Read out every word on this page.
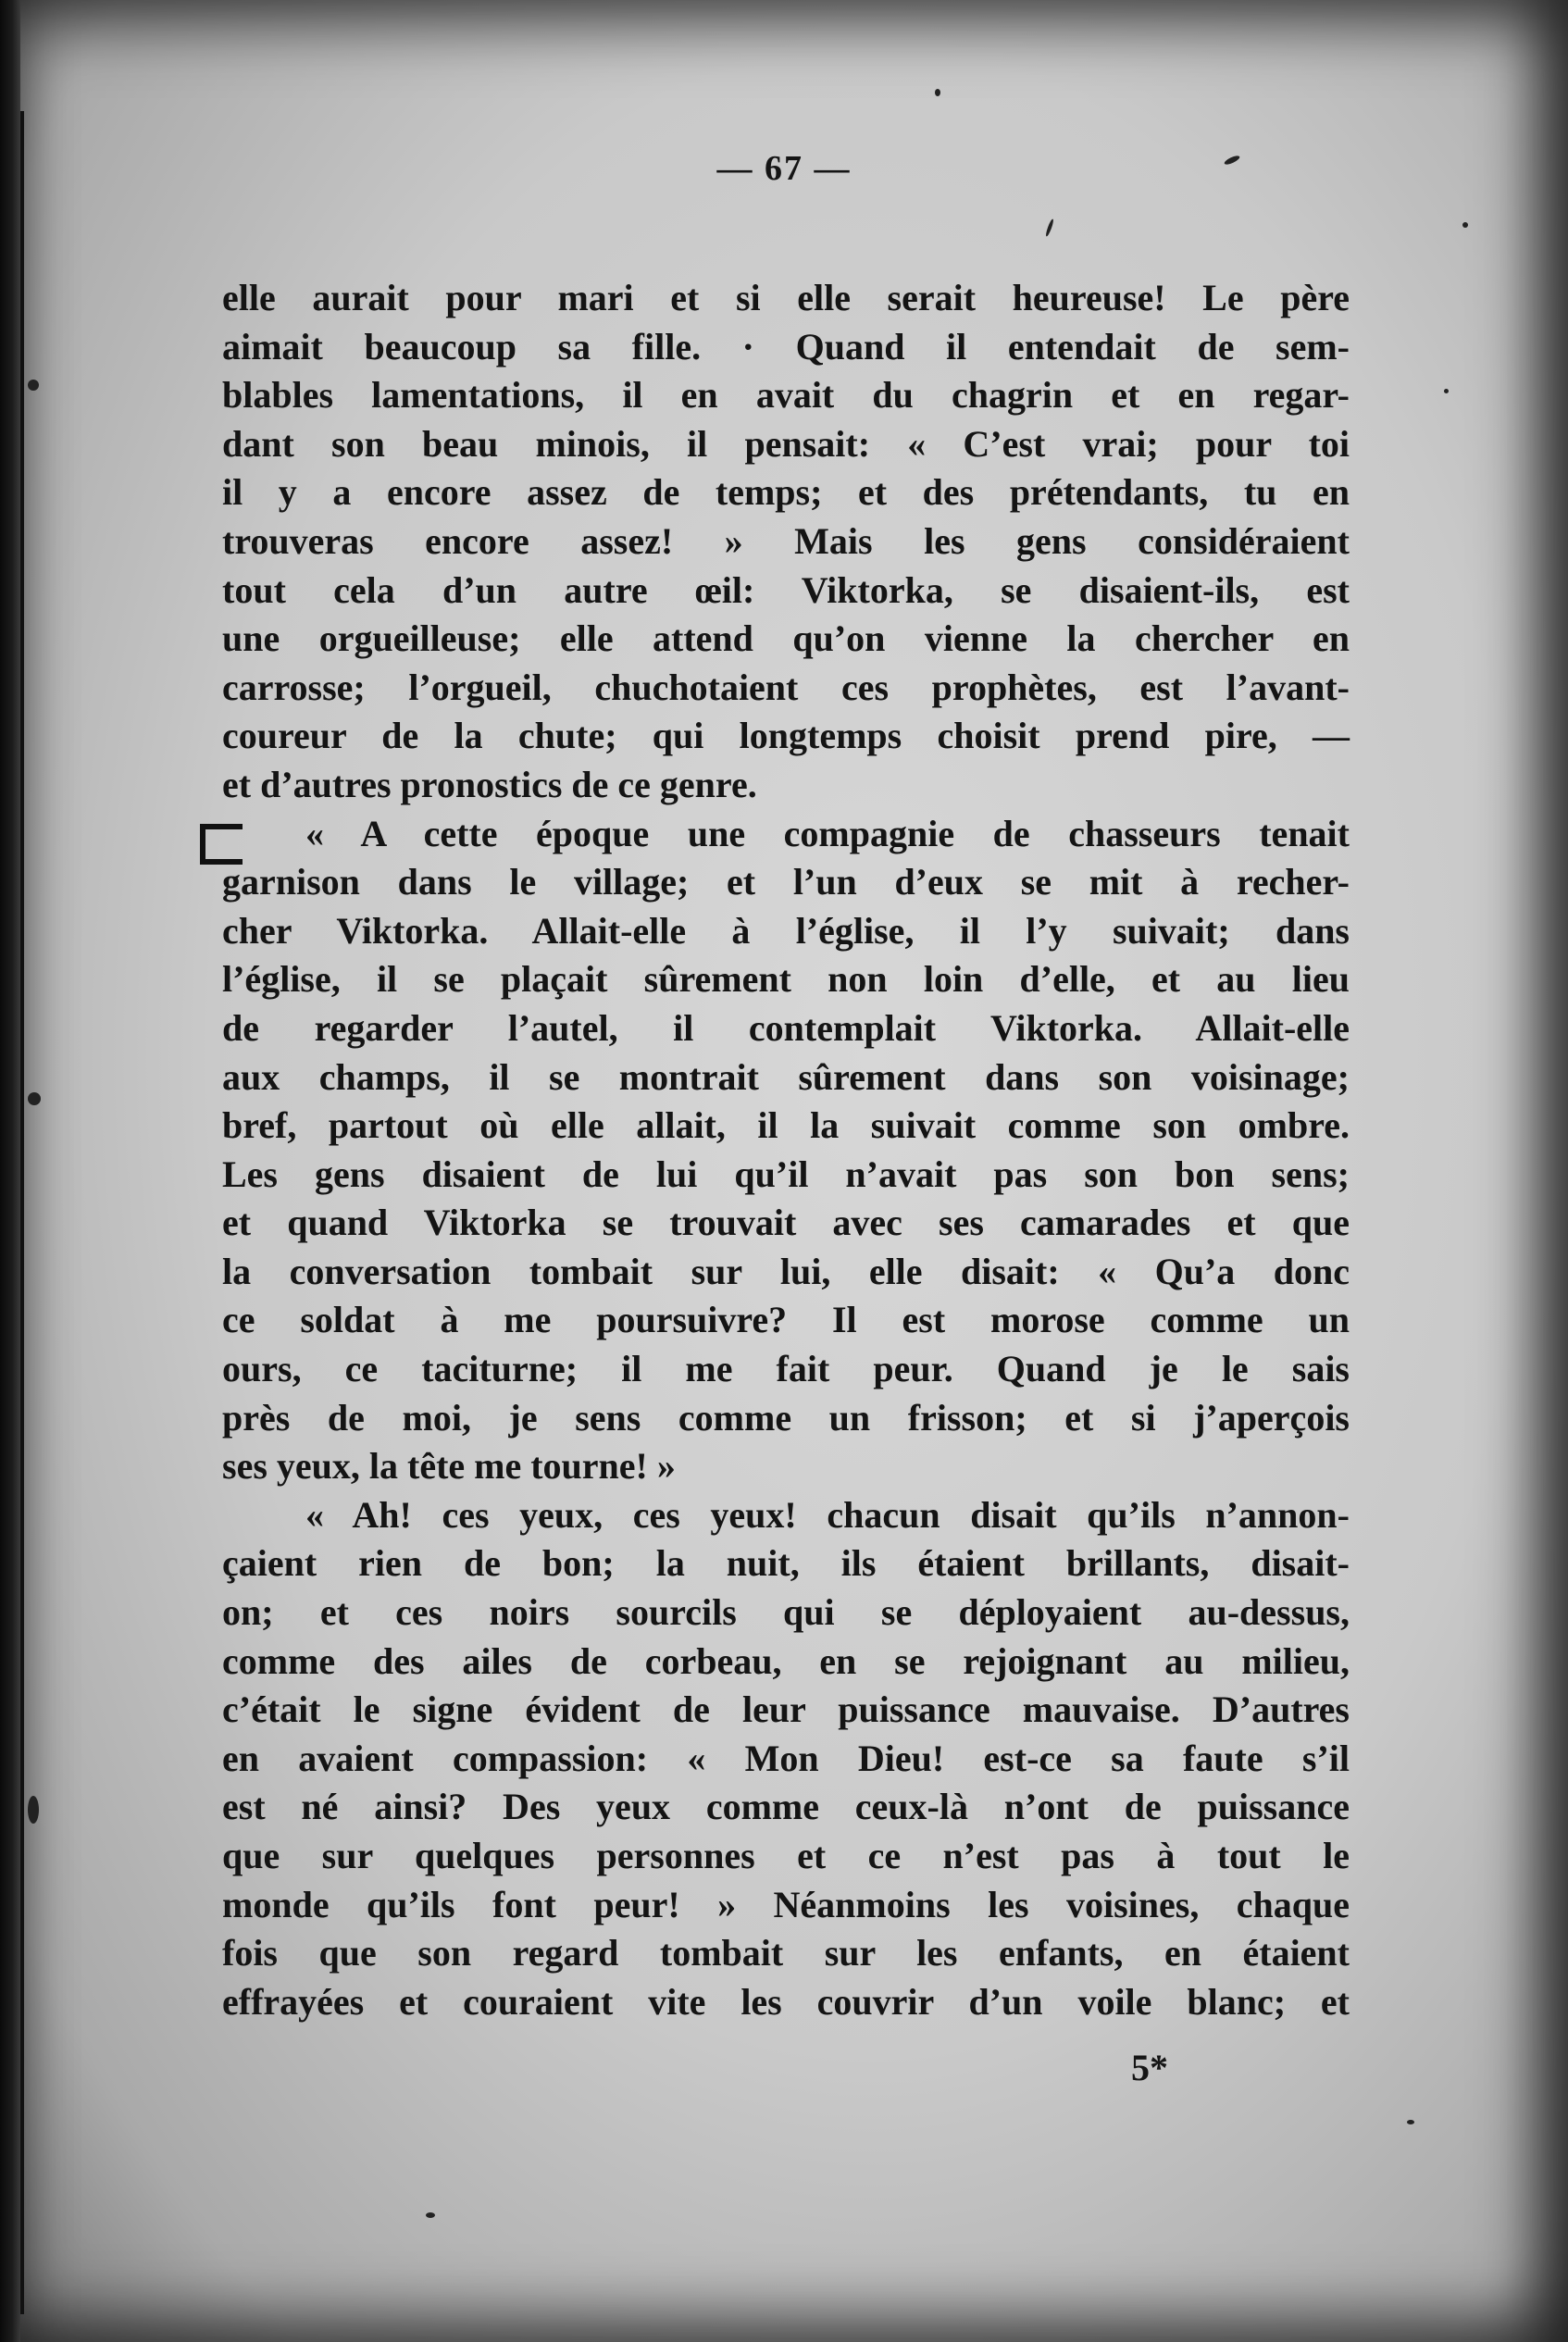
— 67 —
elle aurait pour mari et si elle serait heureuse! Le père
aimait beaucoup sa fille. · Quand il entendait de sem-
blables lamentations, il en avait du chagrin et en regar-
dant son beau minois, il pensait: « C’est vrai; pour toi
il y a encore assez de temps; et des prétendants, tu en
trouveras encore assez! » Mais les gens considéraient
tout cela d’un autre œil: Viktorka, se disaient-ils, est
une orgueilleuse; elle attend qu’on vienne la chercher en
carrosse; l’orgueil, chuchotaient ces prophètes, est l’avant-
coureur de la chute; qui longtemps choisit prend pire, —
et d’autres pronostics de ce genre.
« A cette époque une compagnie de chasseurs tenait
garnison dans le village; et l’un d’eux se mit à recher-
cher Viktorka. Allait-elle à l’église, il l’y suivait; dans
l’église, il se plaçait sûrement non loin d’elle, et au lieu
de regarder l’autel, il contemplait Viktorka. Allait-elle
aux champs, il se montrait sûrement dans son voisinage;
bref, partout où elle allait, il la suivait comme son ombre.
Les gens disaient de lui qu’il n’avait pas son bon sens;
et quand Viktorka se trouvait avec ses camarades et que
la conversation tombait sur lui, elle disait: « Qu’a donc
ce soldat à me poursuivre? Il est morose comme un
ours, ce taciturne; il me fait peur. Quand je le sais
près de moi, je sens comme un frisson; et si j’aperçois
ses yeux, la tête me tourne! »
« Ah! ces yeux, ces yeux! chacun disait qu’ils n’annon-
çaient rien de bon; la nuit, ils étaient brillants, disait-
on; et ces noirs sourcils qui se déployaient au-dessus,
comme des ailes de corbeau, en se rejoignant au milieu,
c’était le signe évident de leur puissance mauvaise. D’autres
en avaient compassion: « Mon Dieu! est-ce sa faute s’il
est né ainsi? Des yeux comme ceux-là n’ont de puissance
que sur quelques personnes et ce n’est pas à tout le
monde qu’ils font peur! » Néanmoins les voisines, chaque
fois que son regard tombait sur les enfants, en étaient
effrayées et couraient vite les couvrir d’un voile blanc; et
5*
